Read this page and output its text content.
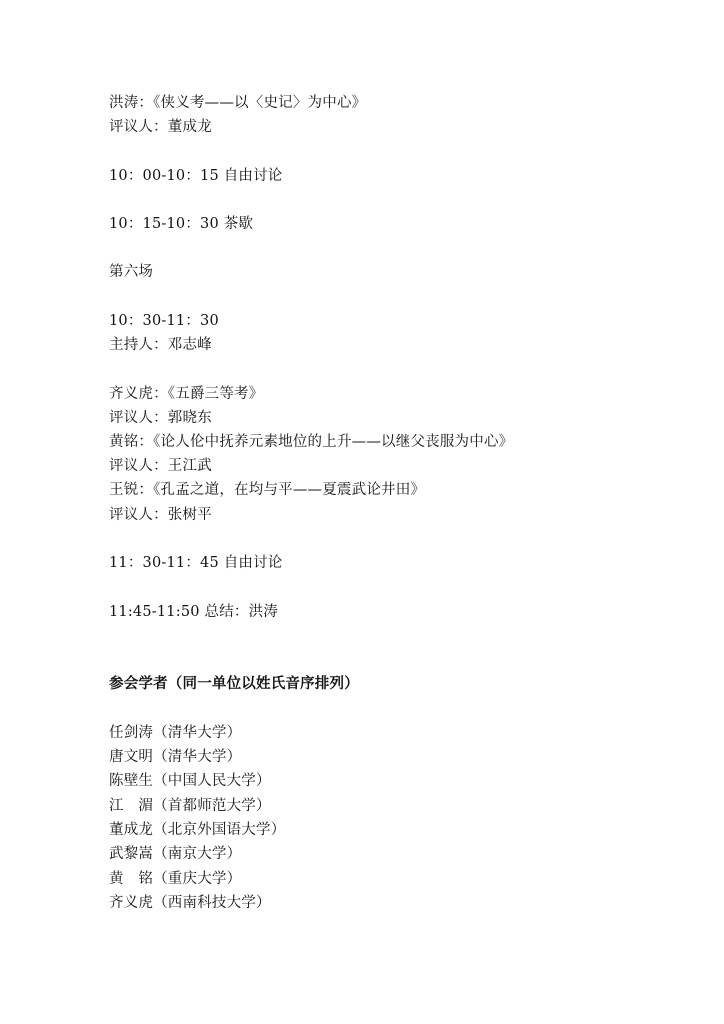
洪涛：《侠义考——以〈史记〉为中心》
评议人：董成龙
10：00-10：15 自由讨论
10：15-10：30 茶歇
第六场
10：30-11：30
主持人：邓志峰
齐义虎：《五爵三等考》
评议人：郭晓东
黄铭：《论人伦中抚养元素地位的上升——以继父丧服为中心》
评议人：王江武
王锐：《孔孟之道，在均与平——夏震武论井田》
评议人：张树平
11：30-11：45 自由讨论
11:45-11:50 总结：洪涛
参会学者（同一单位以姓氏音序排列）
任剑涛（清华大学）
唐文明（清华大学）
陈壁生（中国人民大学）
江　湄（首都师范大学）
董成龙（北京外国语大学）
武黎嵩（南京大学）
黄　铭（重庆大学）
齐义虎（西南科技大学）
